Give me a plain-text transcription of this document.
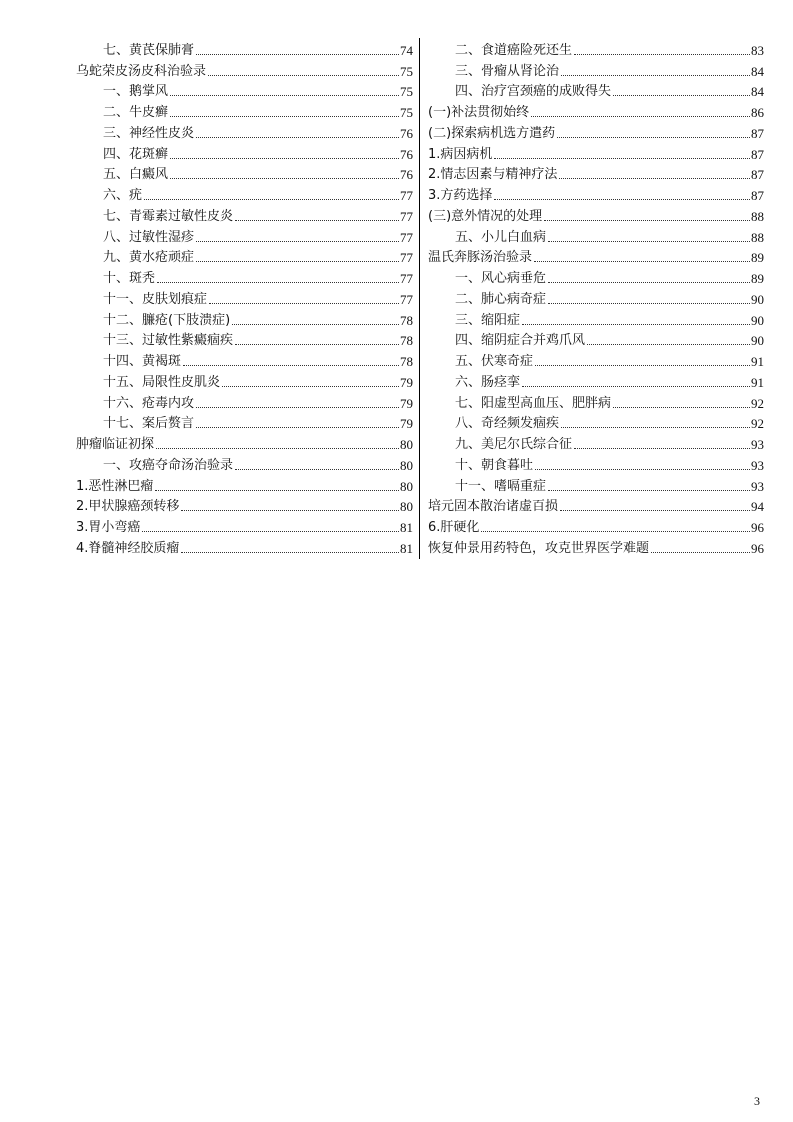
七、黄芪保肺膏	74
乌蛇荣皮汤皮科治验录	75
一、鹅掌风	75
二、牛皮癣	75
三、神经性皮炎	76
四、花斑癣	76
五、白癜风	76
六、疣	77
七、青霉素过敏性皮炎	77
八、过敏性湿疹	77
九、黄水疮顽症	77
十、斑秃	77
十一、皮肤划痕症	77
十二、臁疮(下肢溃症)	78
十三、过敏性紫癜痼疾	78
十四、黄褐斑	78
十五、局限性皮肌炎	79
十六、疮毒内攻	79
十七、案后赘言	79
肿瘤临证初探	80
一、攻癌夺命汤治验录	80
1.恶性淋巴瘤	80
2.甲状腺癌颈转移	80
3.胃小弯癌	81
4.脊髓神经胶质瘤	81
二、食道癌险死还生	83
三、骨瘤从肾论治	84
四、治疗宫颈癌的成败得失	84
(一)补法贯彻始终	86
(二)探索病机选方遣药	87
1.病因病机	87
2.情志因素与精神疗法	87
3.方药选择	87
(三)意外情况的处理	88
五、小儿白血病	88
温氏奔豚汤治验录	89
一、风心病垂危	89
二、肺心病奇症	90
三、缩阳症	90
四、缩阴症合并鸡爪风	90
五、伏寒奇症	91
六、肠痉挛	91
七、阳虚型高血压、肥胖病	92
八、奇经频发痼疾	92
九、美尼尔氏综合征	93
十、朝食暮吐	93
十一、嗜嗝重症	93
培元固本散治诸虚百损	94
6.肝硬化	96
恢复仲景用药特色，攻克世界医学难题	96
3
